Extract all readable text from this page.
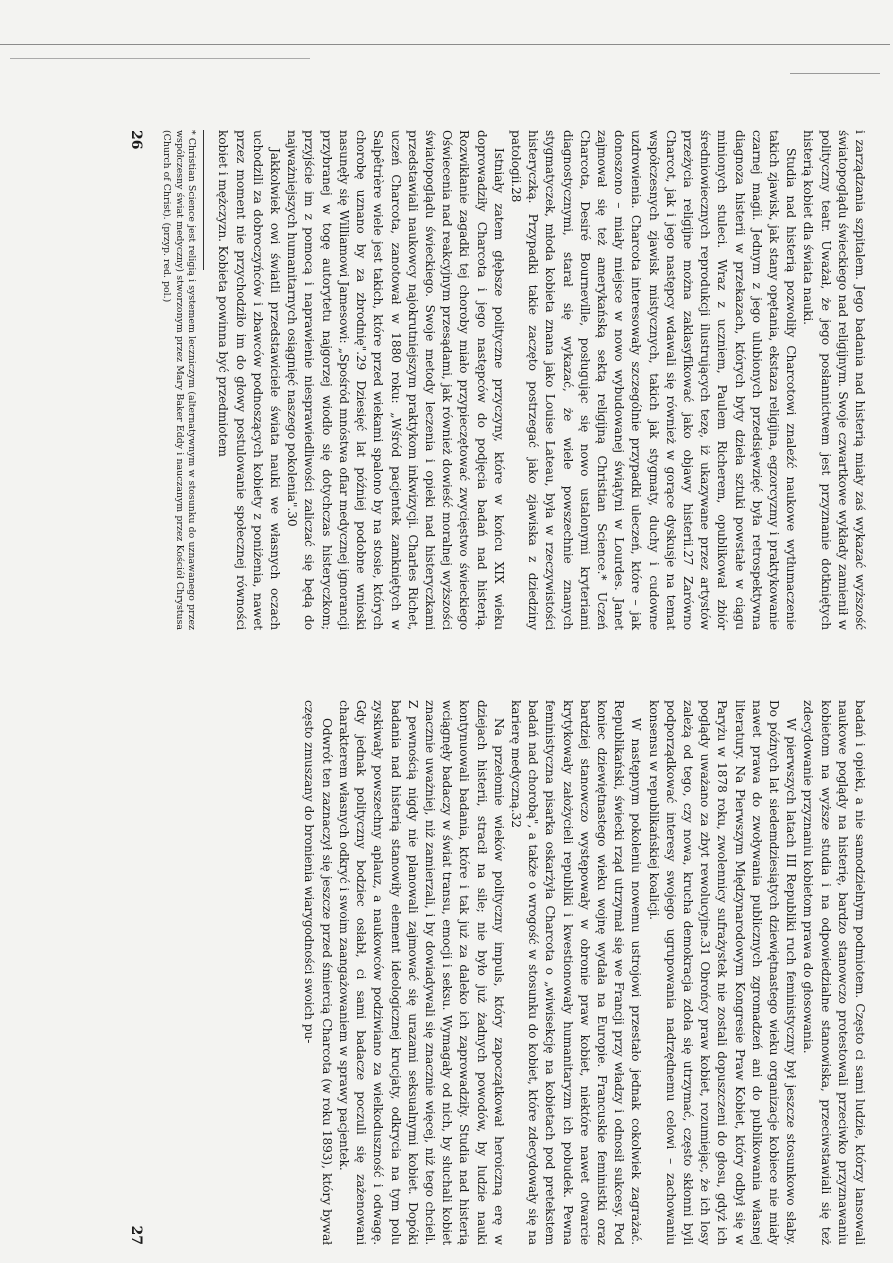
i zarządzania szpitalem. Jego badania nad histerią miały zaś wykazać wyższość światopoglądu świeckiego nad religijnym. Swoje czwartkowe wykłady zamienił w polityczny teatr. Uważał, że jego posłannictwem jest przyznanie dotkniętych histerią kobiet dla świata nauki.

Studia nad histerią pozwoliły Charcotowi znaleźć naukowe wytłumaczenie takich zjawisk, jak stany opętania, ekstaza religijna, egzorcyzmy i praktykowanie czarnej magii. Jednym z jego ulubionych przedsięwzięć była retrospektywna diagnoza histerii w przekazach, których byty dzieła sztuki powstałe w ciągu minionych stuleci. Wraz z uczniem, Paulem Richerem, opublikował zbiór średniowiecznych reprodukcji ilustrujących tezę, iż ukazywane przez artystów przeżycia religijne można zaklasyfikować jako objawy histerii.27 Zarówno Charcot, jak i jego następcy wdawali się również w gorące dyskusje na temat współczesnych zjawisk mistycznych, takich jak stygmaty, duchy i cudowne uzdrowienia. Charcota interesowały szczególnie przypadki uleczeń, które – jak donoszono – miały miejsce w nowo wybudowanej świątyni w Lourdes. Janet zajmował się też amerykańską sektą religijną Christian Science.* Uczeń Charcota, Desiré Bourneville, posługując się nowo ustalonymi kryteriami diagnostycznymi, starał się wykazać, że wiele powszechnie znanych stygmatyczek, młoda kobieta znana jako Louise Lateau, była w rzeczywistości histeryczką. Przypadki takie zaczęto postrzegać jako zjawiska z dziedziny patologii.28

Istniały zatem głębsze polityczne przyczyny, które w końcu XIX wieku doprowadziły Charcota i jego następców do podjęcia badań nad histerią. Rozwikłanie zagadki tej choroby miało przypieczętować zwycięstwo świeckiego Oświecenia nad reakcyjnym przesądami, jak również dowieść moralnej wyższości światopoglądu świeckiego. Swoje metody leczenia i opieki nad histeryczkami przedstawiali naukowcy najokrutniejszym praktykom inkwizycji. Charles Richet, uczeń Charcota, zanotował w 1880 roku: „Wśród pacjentek zamkniętych w Salpêtrière wiele jest takich, które przed wiekami spalono by na stosie, których chorobę uznano by za zbrodnię".29 Dziesięć lat później podobne wnioski nasunęły się Williamowi Jamesowi: „Spośród mnóstwa ofiar medycznej ignorancji przybranej w togę autorytetu najgorzej wiodło się dotychczas histeryczkom; przyjście im z pomocą i naprawienie niesprawiedliwości zaliczać się będą do najważniejszych humanitarnych osiągnięć naszego pokolenia".30

Jakkolwiek owi światli przedstawiciele świata nauki we własnych oczach uchodzili za dobroczyńców i zbawców podnoszących kobiety z poniżenia, nawet przez moment nie przychodziło im do głowy postulowanie społecznej równości kobiet i mężczyzn. Kobieta powinna być przedmiotem

* Christian Science jest religią i systemem leczniczym (alternatywnym w stosunku do uznawanego przez współczesny świat medyczny) stworzonym przez Mary Baker Eddy i nauczanym przez Kościół Chrystusa (Church of Christ). (przyp. red. pol.)

26

badań i opieki, a nie samodzielnym podmiotem. Często ci sami ludzie, którzy lansowali naukowe poglądy na histerię, bardzo stanowczo protestowali przeciwko przyznawaniu kobietom na wyższe studia i na odpowiedzialne stanowiska, przeciwstawiali się też zdecydowanie przyznaniu kobietom prawa do głosowania.

W pierwszych latach III Republiki ruch feministyczny był jeszcze stosunkowo słaby. Do późnych lat siedemdziesiątych dziewiętnastego wieku organizacje kobiece nie miały nawet prawa do zwoływania publicznych zgromadzeń ani do publikowania własnej literatury. Na Pierwszym Międzynarodowym Kongresie Praw Kobiet, który odbył się w Paryżu w 1878 roku, zwolennicy sufrażystek nie zostali dopuszczeni do głosu, gdyż ich poglądy uważano za zbyt rewolucyjne.31 Obrońcy praw kobiet, rozumiejąc, że ich losy zależą od tego, czy nowa, krucha demokracja zdoła się utrzymać, często skłonni byli podporządkować interesy swojego ugrupowania nadrzędnemu celowi – zachowaniu konsensu w republikańskiej koalicji.

W następnym pokoleniu nowemu ustrojowi przestało jednak cokolwiek zagrażać. Republikański, świecki rząd utrzymał się we Francji przy władzy i odnosił sukcesy. Pod koniec dziewiętnastego wieku wojnę wydała na Europie. Francuskie feministki oraz bardziej stanowczo występowały w obronie praw kobiet, niektóre nawet otwarcie krytykowały założycieli republiki i kwestionowały humanitaryzm ich pobudek. Pewna feministyczna pisarka oskarżyła Charcota o „wiwisekcję na kobietach pod pretekstem badań nad chorobą", a także o wrogość w stosunku do kobiet, które zdecydowały się na karierę medyczną.32

Na przełomie wieków polityczny impuls, który zapoczątkował heroiczną erę w dziejach histerii, stracił na sile; nie było już żadnych powodów, by ludzie nauki kontynuowali badania, które i tak już za daleko ich zaprowadziły. Studia nad histerią wciągnęły badaczy w świat transu, emocji i seksu. Wymagały od nich, by słuchali kobiet znacznie uważniej, niż zamierzali, i by dowiadywali się znacznie więcej, niż tego chcieli. Z pewnością nigdy nie planowali zajmować się urazami seksualnymi kobiet. Dopóki badania nad histerią stanowiły element ideologicznej krucjaty, odkrycia na tym polu zyskiwały powszechny aplauz, a naukowców podziwiano za wielkoduszność i odwagę. Gdy jednak polityczny bodziec osłabł, ci sami badacze poczuli się zażenowani charakterem własnych odkryć i swoim zaangażowaniem w sprawy pacjentek.

Odwrót ten zaznaczył się jeszcze przed śmiercią Charcota (w roku 1893), który bywał często zmuszany do bronienia wiarygodności swoich pu-

27
